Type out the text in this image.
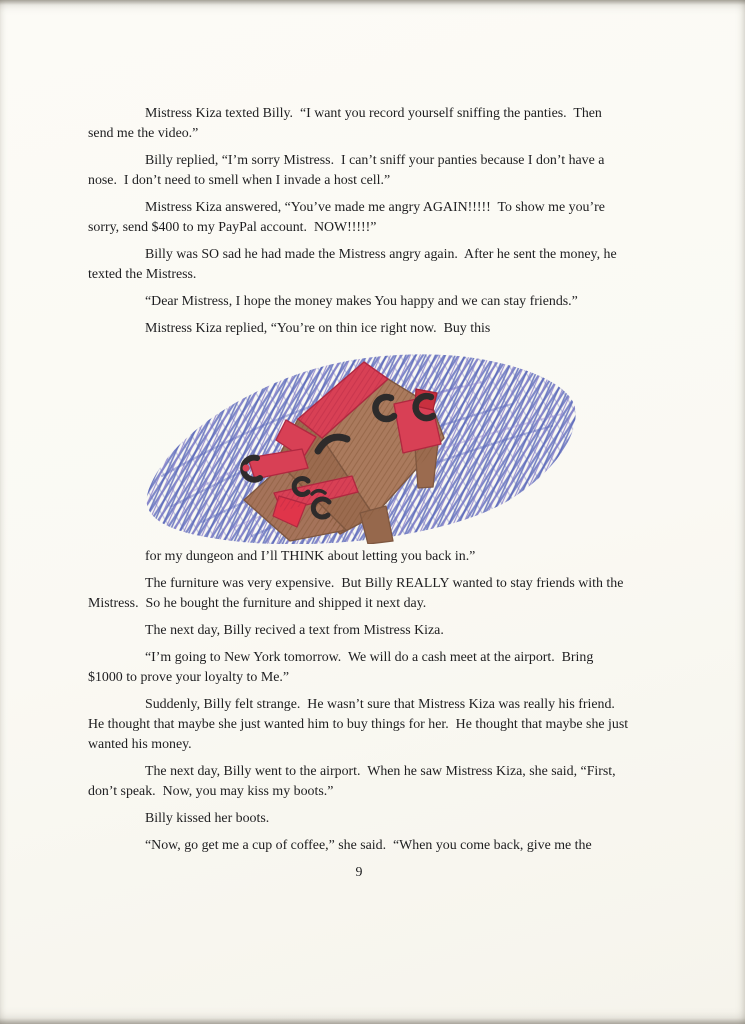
Mistress Kiza texted Billy.  “I want you record yourself sniffing the panties.  Then send me the video.”

Billy replied, “I’m sorry Mistress.  I can’t sniff your panties because I don’t have a nose.  I don’t need to smell when I invade a host cell.”

Mistress Kiza answered, “You’ve made me angry AGAIN!!!!!  To show me you’re sorry, send $400 to my PayPal account.  NOW!!!!!”

Billy was SO sad he had made the Mistress angry again.  After he sent the money, he texted the Mistress.

“Dear Mistress, I hope the money makes You happy and we can stay friends.”

Mistress Kiza replied, “You’re on thin ice right now.  Buy this

for my dungeon and I’ll THINK about letting you back in.”

The furniture was very expensive.  But Billy REALLY wanted to stay friends with the Mistress.  So he bought the furniture and shipped it next day.

The next day, Billy recived a text from Mistress Kiza.

“I’m going to New York tomorrow.  We will do a cash meet at the airport.  Bring $1000 to prove your loyalty to Me.”

Suddenly, Billy felt strange.  He wasn’t sure that Mistress Kiza was really his friend.  He thought that maybe she just wanted him to buy things for her.  He thought that maybe she just wanted his money.

The next day, Billy went to the airport.  When he saw Mistress Kiza, she said, “First, don’t speak.  Now, you may kiss my boots.”

Billy kissed her boots.

“Now, go get me a cup of coffee,” she said.  “When you come back, give me the

9
